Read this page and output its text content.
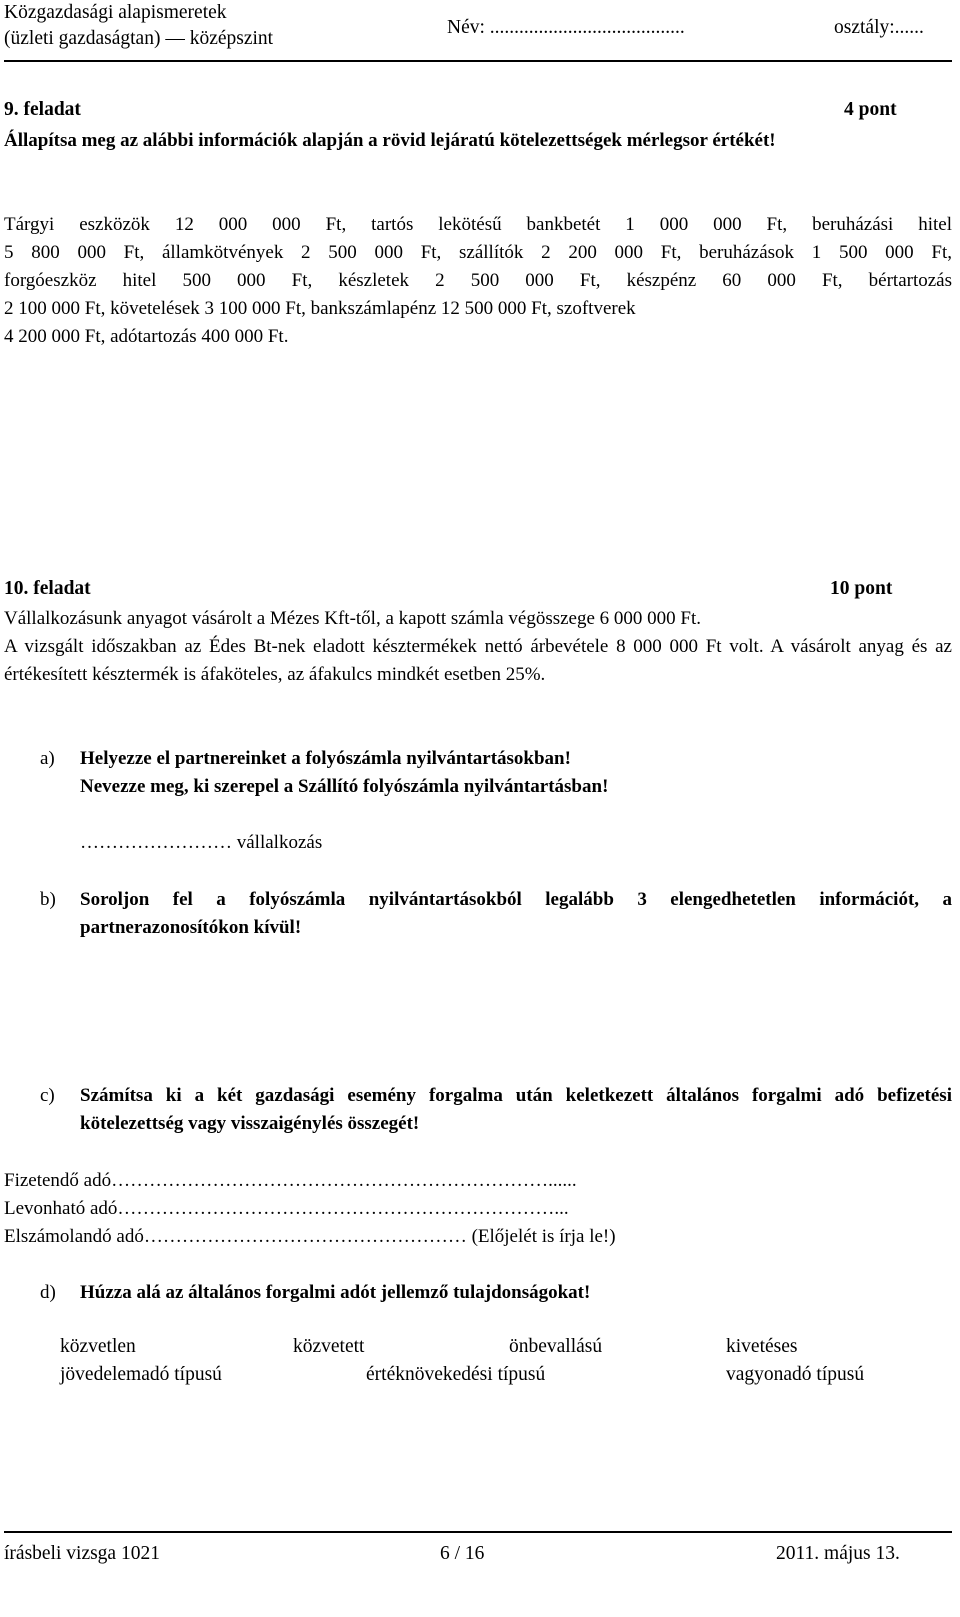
Közgazdasági alapismeretek
(üzleti gazdaságtan) — középszint
Név: ........................................	osztály:......
9. feladat	4 pont
Állapítsa meg az alábbi információk alapján a rövid lejáratú kötelezettségek mérlegsor értékét!
Tárgyi eszközök 12 000 000 Ft, tartós lekötésű bankbetét 1 000 000 Ft, beruházási hitel
5 800 000 Ft, államkötvények 2 500 000 Ft, szállítók 2 200 000 Ft, beruházások 1 500 000 Ft,
forgóeszköz hitel 500 000 Ft, készletek 2 500 000 Ft, készpénz 60 000 Ft, bértartozás
2 100 000 Ft, követelések 3 100 000 Ft, bankszámlapénz 12 500 000 Ft, szoftverek
4 200 000 Ft, adótartozás 400 000 Ft.
10. feladat	10 pont
Vállalkozásunk anyagot vásárolt a Mézes Kft-től, a kapott számla végösszege 6 000 000 Ft.
A vizsgált időszakban az Édes Bt-nek eladott késztermékek nettó árbevétele 8 000 000 Ft volt. A vásárolt anyag és az értékesített késztermék is áfaköteles, az áfakulcs mindkét esetben 25%.
a) Helyezze el partnereinket a folyószámla nyilvántartásokban!
Nevezze meg, ki szerepel a Szállító folyószámla nyilvántartásban!
…………………… vállalkozás
b) Soroljon fel a folyószámla nyilvántartásokból legalább 3 elengedhetetlen információt, a partnerazonosítókon kívül!
c) Számítsa ki a két gazdasági esemény forgalma után keletkezett általános forgalmi adó befizetési kötelezettség vagy visszaigénylés összegét!
Fizetendő adó……………………………………………………………......
Levonható adó……………………………………………………………...
Elszámolandó adó…………………………………………… (Előjelét is írja le!)
d) Húzza alá az általános forgalmi adót jellemző tulajdonságokat!
közvetlen	közvetett	önbevallású	kivetéses
jövedelemadó típusú	értéknövekedési típusú	vagyonadó típusú
írásbeli vizsga 1021	6 / 16	2011. május 13.
